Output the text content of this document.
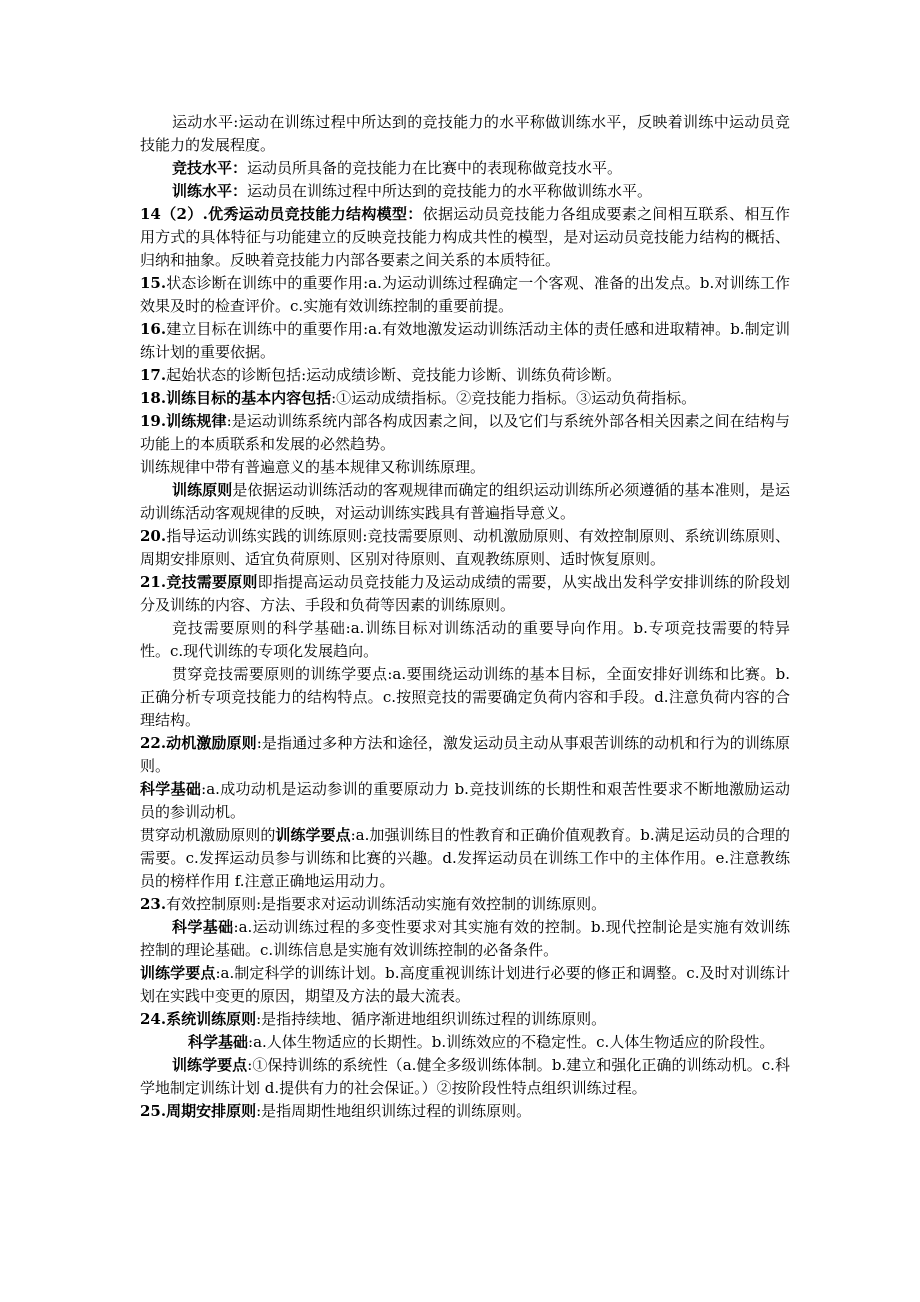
运动水平:运动在训练过程中所达到的竞技能力的水平称做训练水平，反映着训练中运动员竞技能力的发展程度。

竞技水平：运动员所具备的竞技能力在比赛中的表现称做竞技水平。

训练水平：运动员在训练过程中所达到的竞技能力的水平称做训练水平。

14（2）.优秀运动员竞技能力结构模型：依据运动员竞技能力各组成要素之间相互联系、相互作用方式的具体特征与功能建立的反映竞技能力构成共性的模型，是对运动员竞技能力结构的概括、归纳和抽象。反映着竞技能力内部各要素之间关系的本质特征。

15.状态诊断在训练中的重要作用:a.为运动训练过程确定一个客观、准备的出发点。b.对训练工作效果及时的检查评价。c.实施有效训练控制的重要前提。

16.建立目标在训练中的重要作用:a.有效地激发运动训练活动主体的责任感和进取精神。b.制定训练计划的重要依据。

17.起始状态的诊断包括:运动成绩诊断、竞技能力诊断、训练负荷诊断。

18.训练目标的基本内容包括:①运动成绩指标。②竞技能力指标。③运动负荷指标。

19.训练规律:是运动训练系统内部各构成因素之间，以及它们与系统外部各相关因素之间在结构与功能上的本质联系和发展的必然趋势。

训练规律中带有普遍意义的基本规律又称训练原理。

训练原则是依据运动训练活动的客观规律而确定的组织运动训练所必须遵循的基本准则，是运动训练活动客观规律的反映，对运动训练实践具有普遍指导意义。

20.指导运动训练实践的训练原则:竞技需要原则、动机激励原则、有效控制原则、系统训练原则、周期安排原则、适宜负荷原则、区别对待原则、直观教练原则、适时恢复原则。

21.竞技需要原则即指提高运动员竞技能力及运动成绩的需要，从实战出发科学安排训练的阶段划分及训练的内容、方法、手段和负荷等因素的训练原则。

竞技需要原则的科学基础:a.训练目标对训练活动的重要导向作用。b.专项竞技需要的特异性。c.现代训练的专项化发展趋向。

贯穿竞技需要原则的训练学要点:a.要围绕运动训练的基本目标，全面安排好训练和比赛。b.正确分析专项竞技能力的结构特点。c.按照竞技的需要确定负荷内容和手段。d.注意负荷内容的合理结构。

22.动机激励原则:是指通过多种方法和途径，激发运动员主动从事艰苦训练的动机和行为的训练原则。

科学基础:a.成功动机是运动参训的重要原动力 b.竞技训练的长期性和艰苦性要求不断地激励运动员的参训动机。

贯穿动机激励原则的训练学要点:a.加强训练目的性教育和正确价值观教育。b.满足运动员的合理的需要。c.发挥运动员参与训练和比赛的兴趣。d.发挥运动员在训练工作中的主体作用。e.注意教练员的榜样作用 f.注意正确地运用动力。

23.有效控制原则:是指要求对运动训练活动实施有效控制的训练原则。

科学基础:a.运动训练过程的多变性要求对其实施有效的控制。b.现代控制论是实施有效训练控制的理论基础。c.训练信息是实施有效训练控制的必备条件。

训练学要点:a.制定科学的训练计划。b.高度重视训练计划进行必要的修正和调整。c.及时对训练计划在实践中变更的原因，期望及方法的最大流表。

24.系统训练原则:是指持续地、循序渐进地组织训练过程的训练原则。

科学基础:a.人体生物适应的长期性。b.训练效应的不稳定性。c.人体生物适应的阶段性。

训练学要点:①保持训练的系统性（a.健全多级训练体制。b.建立和强化正确的训练动机。c.科学地制定训练计划 d.提供有力的社会保证。）②按阶段性特点组织训练过程。

25.周期安排原则:是指周期性地组织训练过程的训练原则。
